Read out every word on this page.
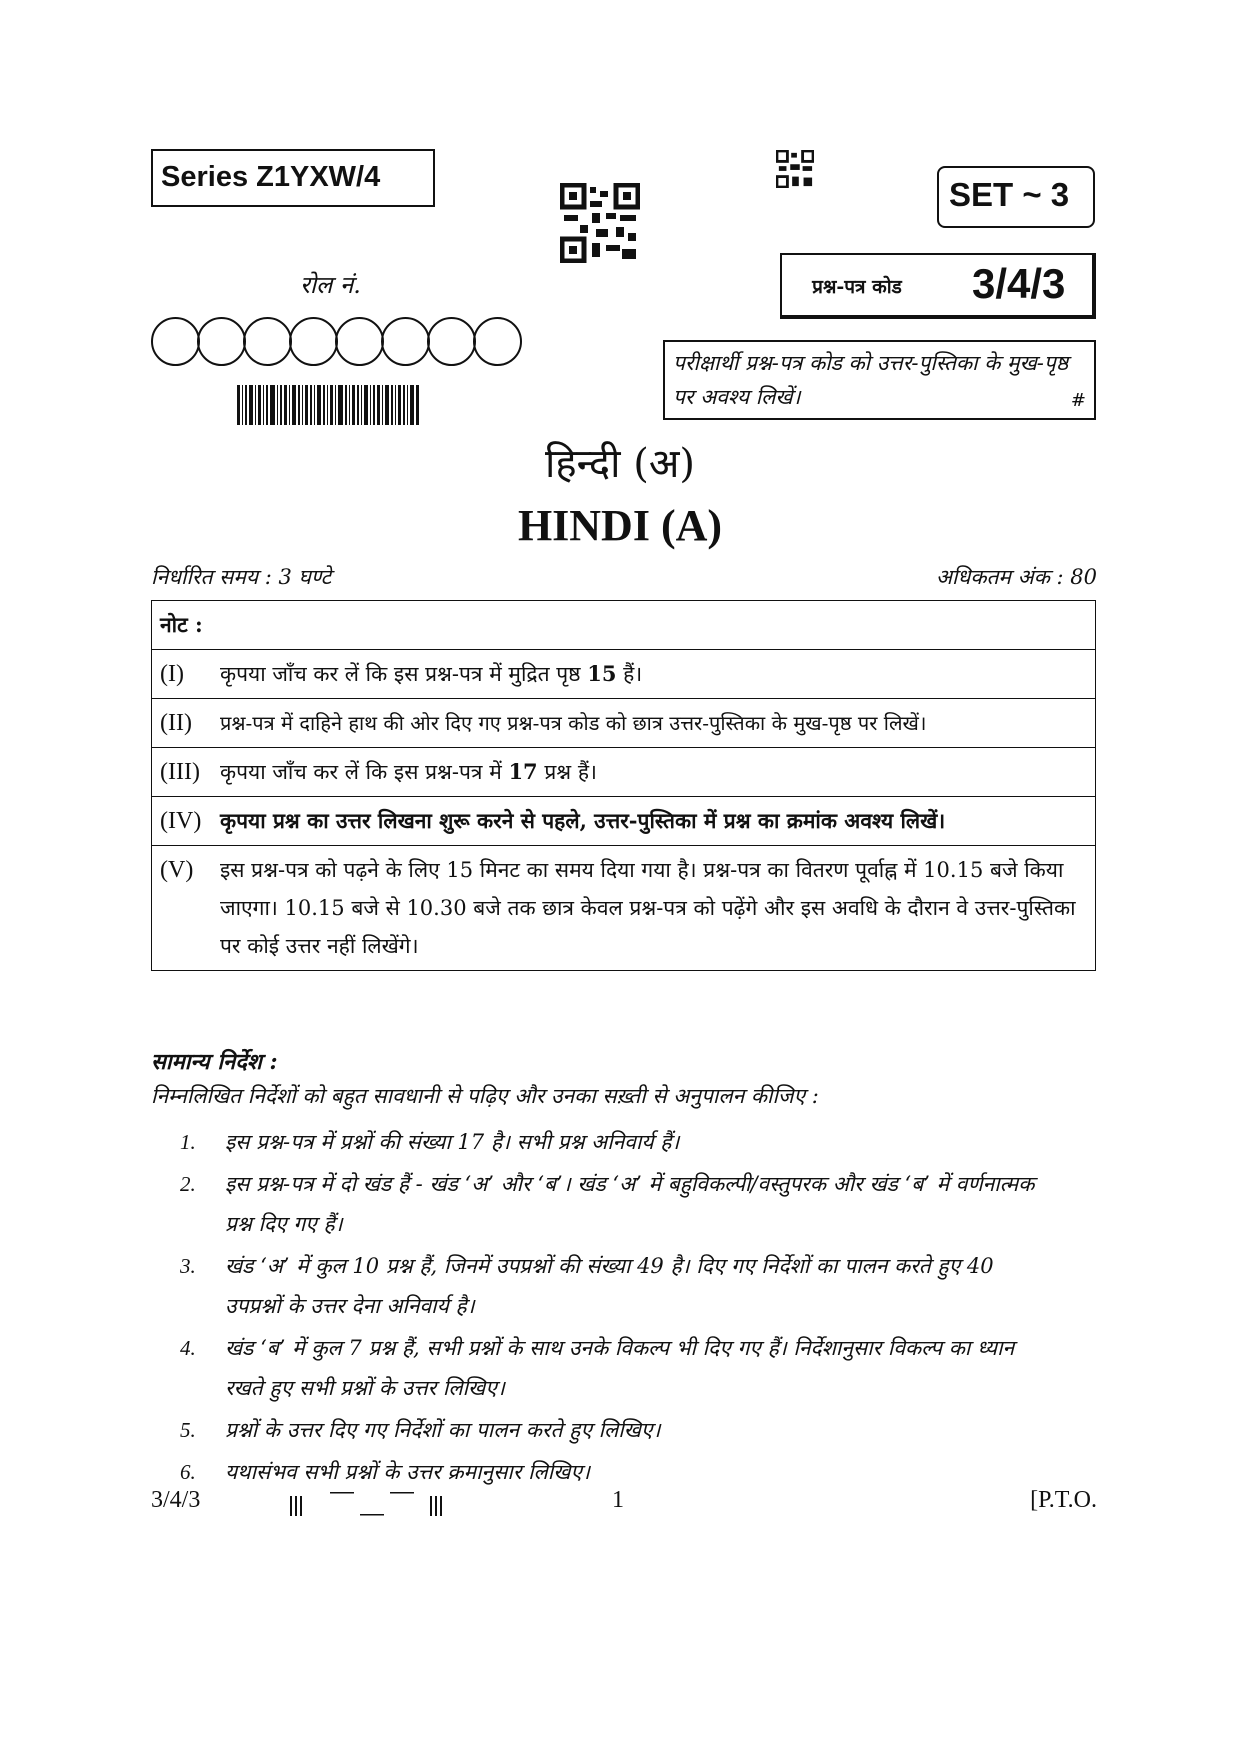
Series Z1YXW/4	SET ~ 3
प्रश्न-पत्र कोड	3/4/3
रोल नं.
परीक्षार्थी प्रश्न-पत्र कोड को उत्तर-पुस्तिका के मुख-पृष्ठ पर अवश्य लिखें।	#
हिन्दी (अ)
HINDI (A)
निर्धारित समय : 3 घण्टे	अधिकतम अंक : 80
नोट :
(I)	कृपया जाँच कर लें कि इस प्रश्न-पत्र में मुद्रित पृष्ठ 15 हैं।
(II)	प्रश्न-पत्र में दाहिने हाथ की ओर दिए गए प्रश्न-पत्र कोड को छात्र उत्तर-पुस्तिका के मुख-पृष्ठ पर लिखें।
(III) कृपया जाँच कर लें कि इस प्रश्न-पत्र में 17 प्रश्न हैं।
(IV) कृपया प्रश्न का उत्तर लिखना शुरू करने से पहले, उत्तर-पुस्तिका में प्रश्न का क्रमांक अवश्य लिखें।
(V)	इस प्रश्न-पत्र को पढ़ने के लिए 15 मिनट का समय दिया गया है। प्रश्न-पत्र का वितरण पूर्वाह्न में 10.15 बजे किया जाएगा। 10.15 बजे से 10.30 बजे तक छात्र केवल प्रश्न-पत्र को पढ़ेंगे और इस अवधि के दौरान वे उत्तर-पुस्तिका पर कोई उत्तर नहीं लिखेंगे।
सामान्य निर्देश :
निम्नलिखित निर्देशों को बहुत सावधानी से पढ़िए और उनका सख़्ती से अनुपालन कीजिए :
1.	इस प्रश्न-पत्र में प्रश्नों की संख्या 17 है। सभी प्रश्न अनिवार्य हैं।
2.	इस प्रश्न-पत्र में दो खंड हैं - खंड ‘अ’ और ‘ब’। खंड ‘अ’ में बहुविकल्पी/वस्तुपरक और खंड ‘ब’ में वर्णनात्मक प्रश्न दिए गए हैं।
3.	खंड ‘अ’ में कुल 10 प्रश्न हैं, जिनमें उपप्रश्नों की संख्या 49 है। दिए गए निर्देशों का पालन करते हुए 40 उपप्रश्नों के उत्तर देना अनिवार्य है।
4.	खंड ‘ब’ में कुल 7 प्रश्न हैं, सभी प्रश्नों के साथ उनके विकल्प भी दिए गए हैं। निर्देशानुसार विकल्प का ध्यान रखते हुए सभी प्रश्नों के उत्तर लिखिए।
5.	प्रश्नों के उत्तर दिए गए निर्देशों का पालन करते हुए लिखिए।
6.	यथासंभव सभी प्रश्नों के उत्तर क्रमानुसार लिखिए।
3/4/3	1	[P.T.O.
